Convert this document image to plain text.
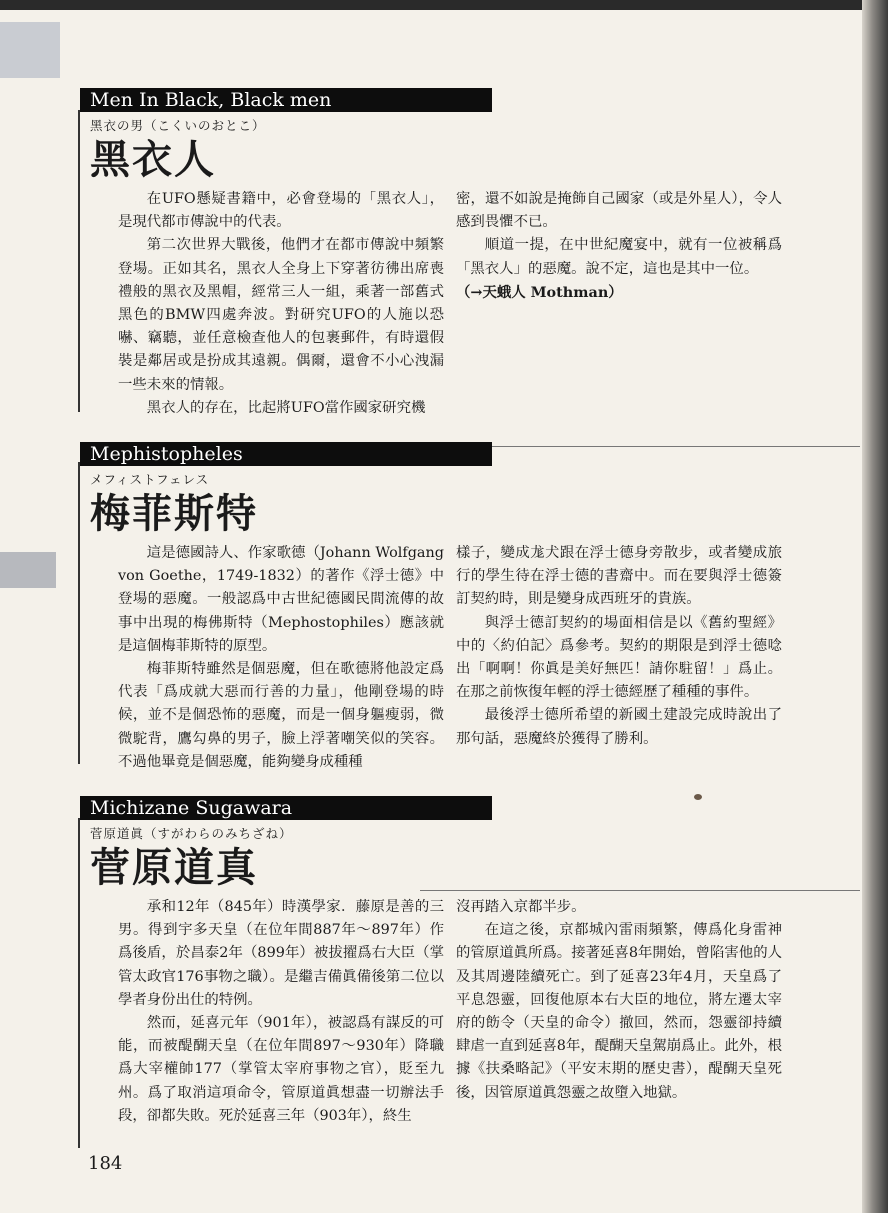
Men In Black, Black men
黑衣の男（こくいのおとこ）
黑衣人

在UFO懸疑書籍中，必會登場的「黑衣人」，是現代都市傳說中的代表。

第二次世界大戰後，他們才在都市傳說中頻繁登場。正如其名，黑衣人全身上下穿著彷彿出席喪禮般的黑衣及黑帽，經常三人一組，乘著一部舊式黑色的BMW四處奔波。對研究UFO的人施以恐嚇、竊聽，並任意檢查他人的包裹郵件，有時還假裝是鄰居或是扮成其遠親。偶爾，還會不小心洩漏一些未來的情報。

黑衣人的存在，比起將UFO當作國家研究機

密，還不如說是掩飾自己國家（或是外星人），令人感到畏懼不已。

順道一提，在中世紀魔宴中，就有一位被稱爲「黑衣人」的惡魔。說不定，這也是其中一位。

（→天蛾人 Mothman）

Mephistopheles
メフィストフェレス
梅菲斯特

這是德國詩人、作家歌德（Johann Wolfgang von Goethe，1749-1832）的著作《浮士德》中登場的惡魔。一般認爲中古世紀德國民間流傳的故事中出現的梅佛斯特（Mephostophiles）應該就是這個梅菲斯特的原型。

梅菲斯特雖然是個惡魔，但在歌德將他設定爲代表「爲成就大惡而行善的力量」，他剛登場的時候，並不是個恐怖的惡魔，而是一個身軀瘦弱，微微駝背，鷹勾鼻的男子，臉上浮著嘲笑似的笑容。不過他畢竟是個惡魔，能夠變身成種種

樣子，變成尨犬跟在浮士德身旁散步，或者變成旅行的學生待在浮士德的書齋中。而在要與浮士德簽訂契約時，則是變身成西班牙的貴族。

與浮士德訂契約的場面相信是以《舊約聖經》中的〈約伯記〉爲參考。契約的期限是到浮士德唸出「啊啊！你眞是美好無匹！請你駐留！」爲止。在那之前恢復年輕的浮士德經歷了種種的事件。

最後浮士德所希望的新國土建設完成時說出了那句話，惡魔終於獲得了勝利。

Michizane Sugawara
菅原道眞（すがわらのみちざね）
菅原道真

承和12年（845年）時漢學家．藤原是善的三男。得到宇多天皇（在位年間887年～897年）作爲後盾，於昌泰2年（899年）被拔擢爲右大臣（掌管太政官176事物之職）。是繼吉備眞備後第二位以學者身份出仕的特例。

然而，延喜元年（901年），被認爲有謀反的可能，而被醍醐天皇（在位年間897～930年）降職爲大宰權帥177（掌管太宰府事物之官），貶至九州。爲了取消這項命令，管原道眞想盡一切辦法手段，卻都失敗。死於延喜三年（903年），終生

沒再踏入京都半步。

在這之後，京都城內雷雨頻繁，傳爲化身雷神的管原道眞所爲。接著延喜8年開始，曾陷害他的人及其周邊陸續死亡。到了延喜23年4月，天皇爲了平息怨靈，回復他原本右大臣的地位，將左遷太宰府的飭令（天皇的命令）撤回，然而，怨靈卻持續肆虐一直到延喜8年，醍醐天皇駕崩爲止。此外，根據《扶桑略記》（平安末期的歷史書），醍醐天皇死後，因管原道眞怨靈之故墮入地獄。

184
